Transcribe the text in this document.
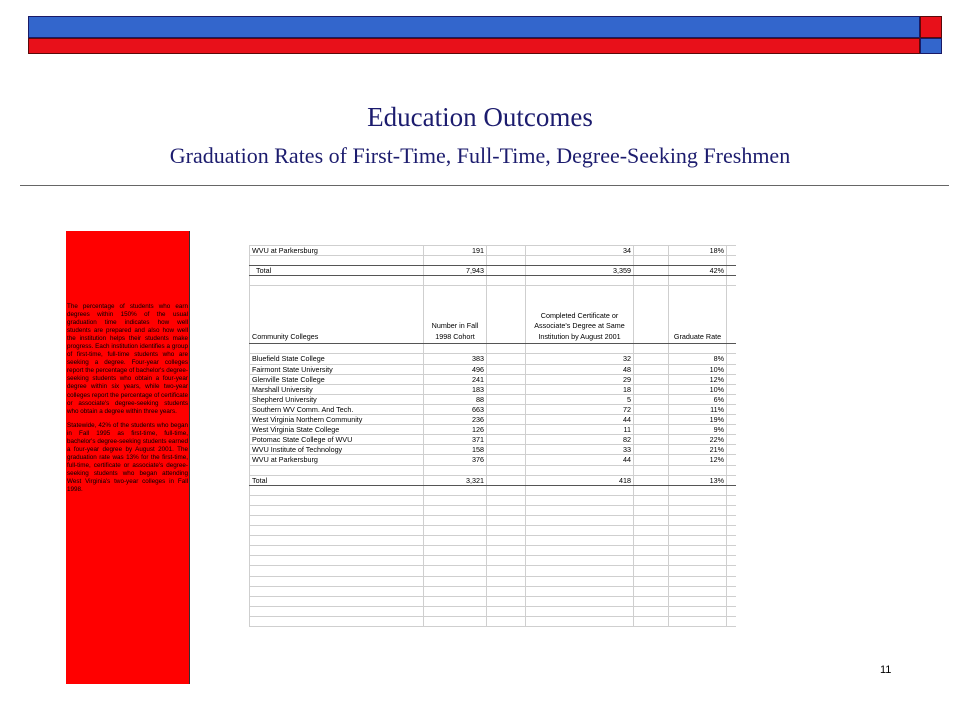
Education Outcomes
Graduation Rates of First-Time, Full-Time, Degree-Seeking Freshmen

The percentage of students who earn degrees within 150% of the usual graduation time indicates how well students are prepared and also how well the institution helps their students make progress. Each institution identifies a group of first-time, full-time students who are seeking a degree. Four-year colleges report the percentage of bachelor's degree-seeking students who obtain a four-year degree within six years, while two-year colleges report the percentage of certificate or associate's degree-seeking students who obtain a degree within three years.

Statewide, 42% of the students who began in Fall 1995 as first-time, full-time, bachelor's degree-seeking students earned a four-year degree by August 2001. The graduation rate was 13% for the first-time, full-time, certificate or associate's degree-seeking students who began attending West Virginia's two-year colleges in Fall 1998.

WVU at Parkersburg	191		34		18%	

Total	7,943		3,359		42%	

Community Colleges	Number in Fall 1998 Cohort		Completed Certificate or Associate's Degree at Same Institution by August 2001		Graduate Rate	

Bluefield State College	383		32		8%	
Fairmont State University	496		48		10%	
Glenville State College	241		29		12%	
Marshall University	183		18		10%	
Shepherd University	88		5		6%	
Southern WV Comm. And Tech.	663		72		11%	
West Virginia Northern Community	236		44		19%	
West Virginia State College	126		11		9%	
Potomac State College of WVU	371		82		22%	
WVU Institute of Technology	158		33		21%	
WVU at Parkersburg	376		44		12%	

Total	3,321		418		13%	

11
